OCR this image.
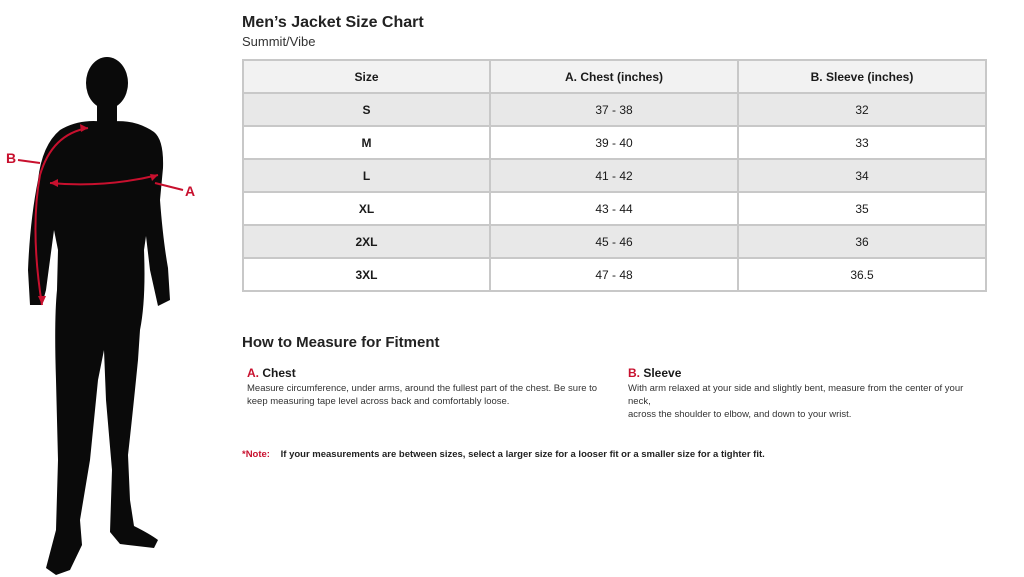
A
B
Men’s Jacket Size Chart
Summit/Vibe
Size	A. Chest (inches)	B. Sleeve (inches)
S	37 - 38	32
M	39 - 40	33
L	41 - 42	34
XL	43 - 44	35
2XL	45 - 46	36
3XL	47 - 48	36.5
How to Measure for Fitment
A. Chest
Measure circumference, under arms, around the fullest part of the chest. Be sure to
keep measuring tape level across back and comfortably loose.
B. Sleeve
With arm relaxed at your side and slightly bent, measure from the center of your neck,
across the shoulder to elbow, and down to your wrist.
*Note: If your measurements are between sizes, select a larger size for a looser fit or a smaller size for a tighter fit.
